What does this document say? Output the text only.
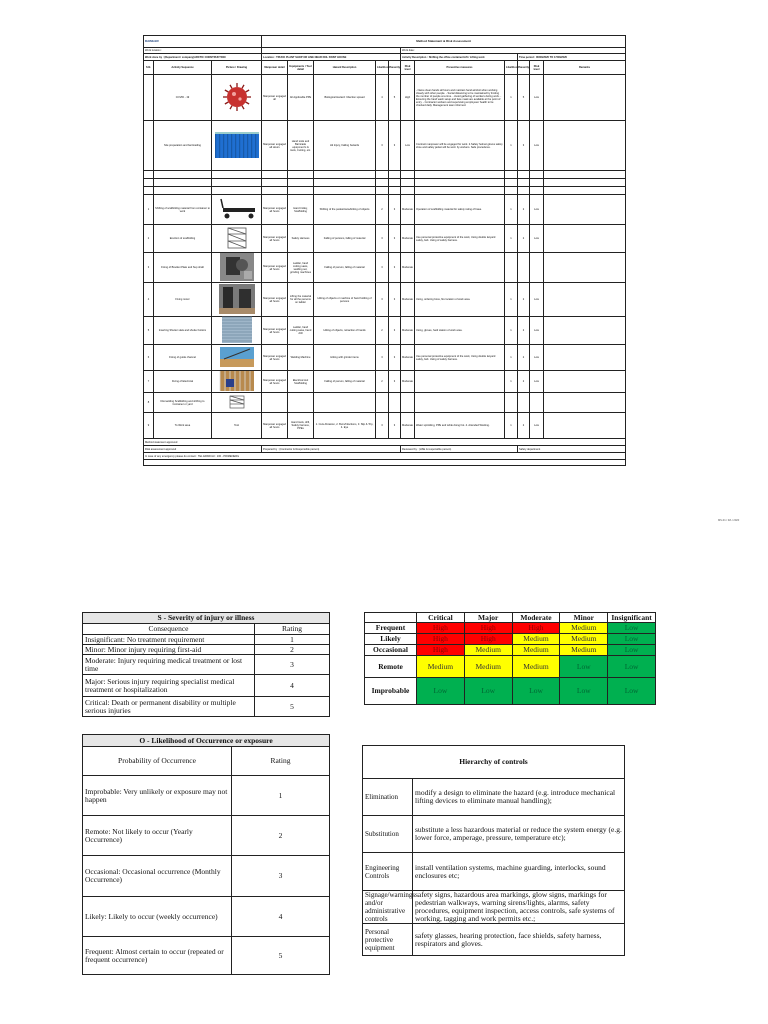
DAIMLER			Method Statement & Risk Assessment										
Work location :								Work date :					
Work done by : (Department / company)ARCTIC CONSTRUCTION			Location : TRUCK PLANT SHOP OR LINE NEAR DOL PAINT HOUSE					Activity Description : Shifting the office container/Lift / Lifting work			Time period : 06/03/2020 TO 17/03/2020		
S.N.	Activity Sequence	Picture / Drawing	Manpower detail	Equipments / Tool detail	Hazard Description	Likelihood	Severity	Risk level	Preventive measures	Likelihood	Severity	Risk level	Remarks
	COVID - 19		Manpower engaged all	All Applicable PPE	Biological Hazard: Infection spread	4	5	High	- Name clean hands all hours and maintain hand alcohol when working closely with other people. - Social distancing to be maintained by limiting the number of people at a time. - Avoid gathering of workers during work. - Ensuring the hand wash setup and face mask are available at the point of entry. - Contractor workers and supervising employees' health to be checked daily. Management team informed.	1	5	Low	
	Site preparation and barricading		Manpower engaged all Hours	Hand tools and Barricade equipment's & tools, Cutting, etc.	Hit Injury, Falling hazards	3	3	Low	Contract manpower will be engaged for work. 2.Safety helmet gloves safety shoe and safety jacket will be worn by workers. Safe procedures.	1	3	Low	

1	Shifting of scaffolding material from container to work		Manpower engaged all hours	Hand trolley, Scaffolding	Shifting of the pedestrians/Hitting of objects	2	3	Moderate	Operation of scaffolding material for safety rating of base.	1	2	Low	
2	Erection of scaffolding		Manpower engaged all hours	Safety Harness	Falling of persons, falling of material	3	3	Moderate	Use personal protective equipment of the work, Using double lanyard safety, belt. Using of safety harness.	1	2	Low	
3	Fixing of Bracket Plate and Sup shaft		Manpower engaged all hours	Ladder, hand cutting saws, welding set, grinding machines	Falling of person, falling of material	3	3	Moderate					
4	Fixing motor		Manpower engaged all hours	Lifting the material for all the persons on ladder	Hitting of objects or machine of hand holding of persons	3	3	Moderate	Using, ordering boss, fire location of work area.	1	2	Low	
5	Inserting Shutter slats and shutter bottom		Manpower engaged all hours	Ladder, hand cutting saws, hand drill	Hitting of objects, retraction of hands	2	3	Moderate	Using, gloves, hard station of work area.	1	2	Low	
6	Fixing of guide channel		Manpower engaged all hours	Welding Machine	Hitting with grinder items	3	3	Moderate	Use personal protective equipment of the work, Using double lanyard safety, belt. Using of safety harness.	1	2	Low	
7	Fixing of Electrical		Manpower engaged all hours	Electrical tool Scaffolding	Falling of person, falling of material	2	3	Moderate		1	2	Low	
8	Dismantling Scaffolding and shifting to Container or yard	

9	To Work area	Tool	Manpower engaged all hours	Hand tools, drill, Safety harness, PPEs	1. Cuts Abrasion, 2. Burn/Infections, 3. Slip & Trip, 4. Eye	3	3	Moderate	Water sprinkling, PPE and while doing hot. 4. Attended Working.	1	2	Low	
Method statement approved													
Risk assessment approved			Prepared by : (Contractor & Responsible person)					Reviewed by : (HSE & responsible person)			Safety department		
In case of any emergency please do contact : TEL EPARCHI : 100 - PRIMENERG													

MS-01 / RA / 2020
S - Severity of injury or illness	
Consequence	Rating
Insignificant: No treatment requirement	1
Minor: Minor injury requiring first-aid	2
Moderate: Injury requiring medical treatment or lost time	3
Major: Serious injury requiring specialist medical treatment or hospitalization	4
Critical: Death or permanent disability or multiple serious injuries	5
	Critical	Major	Moderate	Minor	Insignificant
Frequent	High	High	High	Medium	Low
Likely	High	High	Medium	Medium	Low
Occasional	High	Medium	Medium	Medium	Low
Remote	Medium	Medium	Medium	Low	Low
Improbable	Low	Low	Low	Low	Low
O - Likelihood of Occurrence or exposure	
Probability of Occurrence	Rating
Improbable: Very unlikely or exposure may not happen	1
Remote: Not likely to occur (Yearly Occurrence)	2
Occasional: Occasional occurrence (Monthly Occurrence)	3
Likely: Likely to occur (weekly occurrence)	4
Frequent: Almost certain to occur (repeated or frequent occurrence)	5
Hierarchy of controls	
Elimination	modify a design to eliminate the hazard (e.g. introduce mechanical lifting devices to eliminate manual handling);
Substitution	substitute a less hazardous material or reduce the system energy (e.g. lower force, amperage, pressure, temperature etc);
Engineering Controls	install ventilation systems, machine guarding, interlocks, sound enclosures etc;
Signage/warnings and/or administrative controls	safety signs, hazardous area markings, glow signs, markings for pedestrian walkways, warning sirens/lights, alarms, safety procedures, equipment inspection, access controls, safe systems of working, tagging and work permits etc.;
Personal protective equipment	safety glasses, hearing protection, face shields, safety harness, respirators and gloves.
